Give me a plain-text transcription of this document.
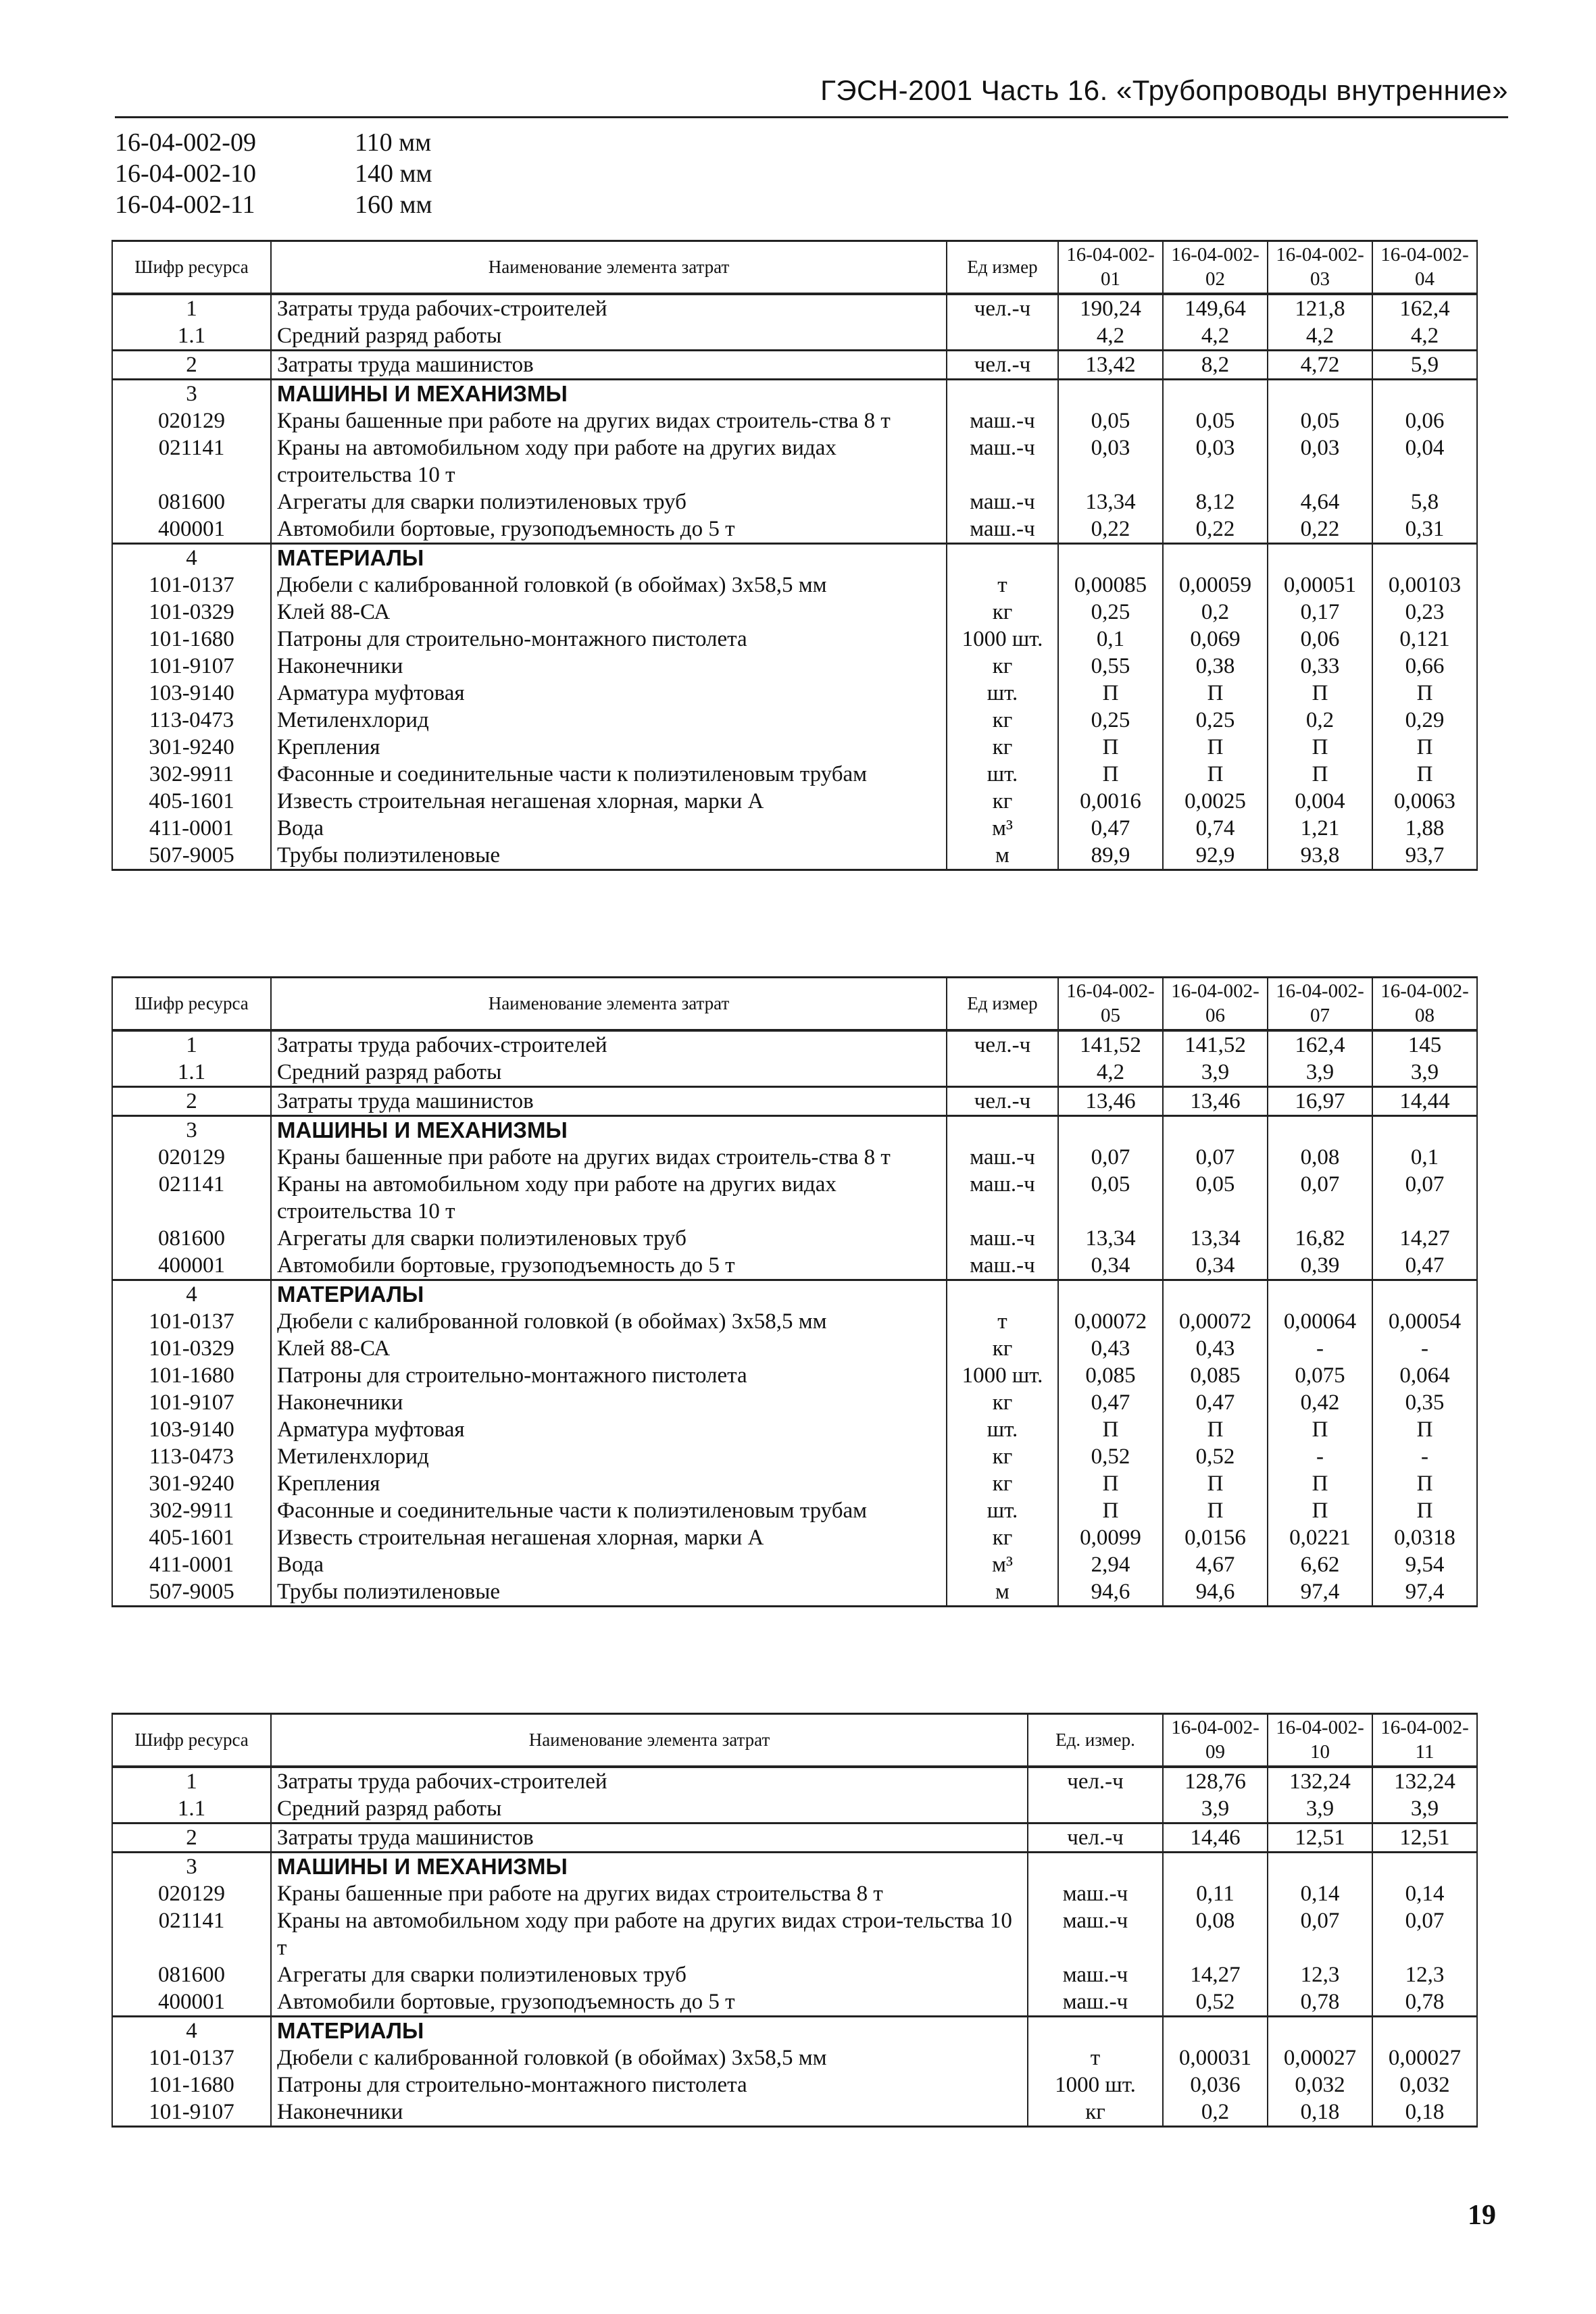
ГЭСН-2001 Часть 16. «Трубопроводы внутренние»
16-04-002-09	110 мм
16-04-002-10	140 мм
16-04-002-11	160 мм
Шифр ресурса	Наименование элемента затрат	Ед измер	16-04-002-01	16-04-002-02	16-04-002-03	16-04-002-04
1	Затраты труда рабочих-строителей	чел.-ч	190,24	149,64	121,8	162,4
1.1	Средний разряд работы		4,2	4,2	4,2	4,2
2	Затраты труда машинистов	чел.-ч	13,42	8,2	4,72	5,9
3	МАШИНЫ И МЕХАНИЗМЫ					
020129	Краны башенные при работе на других видах строитель-ства 8 т	маш.-ч	0,05	0,05	0,05	0,06
021141	Краны на автомобильном ходу при работе на других видах строительства 10 т	маш.-ч	0,03	0,03	0,03	0,04
081600	Агрегаты для сварки полиэтиленовых труб	маш.-ч	13,34	8,12	4,64	5,8
400001	Автомобили бортовые, грузоподъемность до 5 т	маш.-ч	0,22	0,22	0,22	0,31
4	МАТЕРИАЛЫ					
101-0137	Дюбели с калиброванной головкой (в обоймах) 3х58,5 мм	т	0,00085	0,00059	0,00051	0,00103
101-0329	Клей 88-СА	кг	0,25	0,2	0,17	0,23
101-1680	Патроны для строительно-монтажного пистолета	1000 шт.	0,1	0,069	0,06	0,121
101-9107	Наконечники	кг	0,55	0,38	0,33	0,66
103-9140	Арматура муфтовая	шт.	П	П	П	П
113-0473	Метиленхлорид	кг	0,25	0,25	0,2	0,29
301-9240	Крепления	кг	П	П	П	П
302-9911	Фасонные и соединительные части к полиэтиленовым трубам	шт.	П	П	П	П
405-1601	Известь строительная негашеная хлорная, марки А	кг	0,0016	0,0025	0,004	0,0063
411-0001	Вода	м³	0,47	0,74	1,21	1,88
507-9005	Трубы полиэтиленовые	м	89,9	92,9	93,8	93,7
Шифр ресурса	Наименование элемента затрат	Ед измер	16-04-002-05	16-04-002-06	16-04-002-07	16-04-002-08
1	Затраты труда рабочих-строителей	чел.-ч	141,52	141,52	162,4	145
1.1	Средний разряд работы		4,2	3,9	3,9	3,9
2	Затраты труда машинистов	чел.-ч	13,46	13,46	16,97	14,44
3	МАШИНЫ И МЕХАНИЗМЫ					
020129	Краны башенные при работе на других видах строитель-ства 8 т	маш.-ч	0,07	0,07	0,08	0,1
021141	Краны на автомобильном ходу при работе на других видах строительства 10 т	маш.-ч	0,05	0,05	0,07	0,07
081600	Агрегаты для сварки полиэтиленовых труб	маш.-ч	13,34	13,34	16,82	14,27
400001	Автомобили бортовые, грузоподъемность до 5 т	маш.-ч	0,34	0,34	0,39	0,47
4	МАТЕРИАЛЫ					
101-0137	Дюбели с калиброванной головкой (в обоймах) 3х58,5 мм	т	0,00072	0,00072	0,00064	0,00054
101-0329	Клей 88-СА	кг	0,43	0,43	-	-
101-1680	Патроны для строительно-монтажного пистолета	1000 шт.	0,085	0,085	0,075	0,064
101-9107	Наконечники	кг	0,47	0,47	0,42	0,35
103-9140	Арматура муфтовая	шт.	П	П	П	П
113-0473	Метиленхлорид	кг	0,52	0,52	-	-
301-9240	Крепления	кг	П	П	П	П
302-9911	Фасонные и соединительные части к полиэтиленовым трубам	шт.	П	П	П	П
405-1601	Известь строительная негашеная хлорная, марки А	кг	0,0099	0,0156	0,0221	0,0318
411-0001	Вода	м³	2,94	4,67	6,62	9,54
507-9005	Трубы полиэтиленовые	м	94,6	94,6	97,4	97,4
Шифр ресурса	Наименование элемента затрат	Ед. измер.	16-04-002-09	16-04-002-10	16-04-002-11
1	Затраты труда рабочих-строителей	чел.-ч	128,76	132,24	132,24
1.1	Средний разряд работы		3,9	3,9	3,9
2	Затраты труда машинистов	чел.-ч	14,46	12,51	12,51
3	МАШИНЫ И МЕХАНИЗМЫ				
020129	Краны башенные при работе на других видах строительства 8 т	маш.-ч	0,11	0,14	0,14
021141	Краны на автомобильном ходу при работе на других видах строи-тельства 10 т	маш.-ч	0,08	0,07	0,07
081600	Агрегаты для сварки полиэтиленовых труб	маш.-ч	14,27	12,3	12,3
400001	Автомобили бортовые, грузоподъемность до 5 т	маш.-ч	0,52	0,78	0,78
4	МАТЕРИАЛЫ				
101-0137	Дюбели с калиброванной головкой (в обоймах) 3х58,5 мм	т	0,00031	0,00027	0,00027
101-1680	Патроны для строительно-монтажного пистолета	1000 шт.	0,036	0,032	0,032
101-9107	Наконечники	кг	0,2	0,18	0,18
19
